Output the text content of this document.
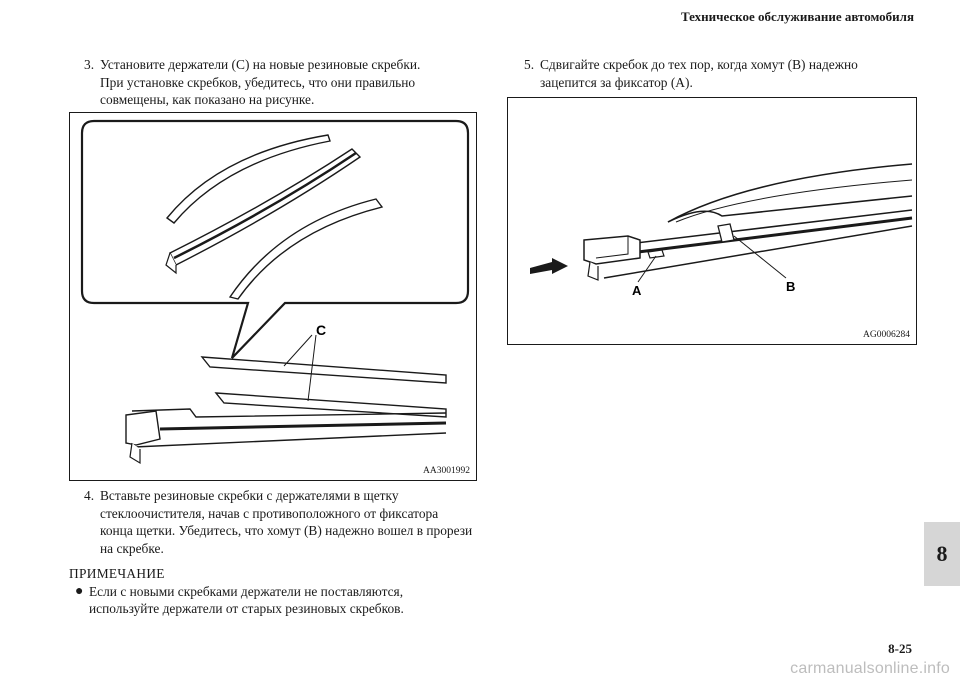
Техническое обслуживание автомобиля
3. Установите держатели (C) на новые резиновые скребки.
При установке скребков, убедитесь, что они правильно
совмещены, как показано на рисунке.
C
AA3001992
4. Вставьте резиновые скребки с держателями в щетку
стеклоочистителя, начав с противоположного от фиксатора
конца щетки. Убедитесь, что хомут (B) надежно вошел в прорези
на скребке.
ПРИМЕЧАНИЕ
● Если с новыми скребками держатели не поставляются,
используйте держатели от старых резиновых скребков.
5. Сдвигайте скребок до тех пор, когда хомут (B) надежно
зацепится за фиксатор (A).
A	B
AG0006284
8
8-25
carmanualsonline.info
